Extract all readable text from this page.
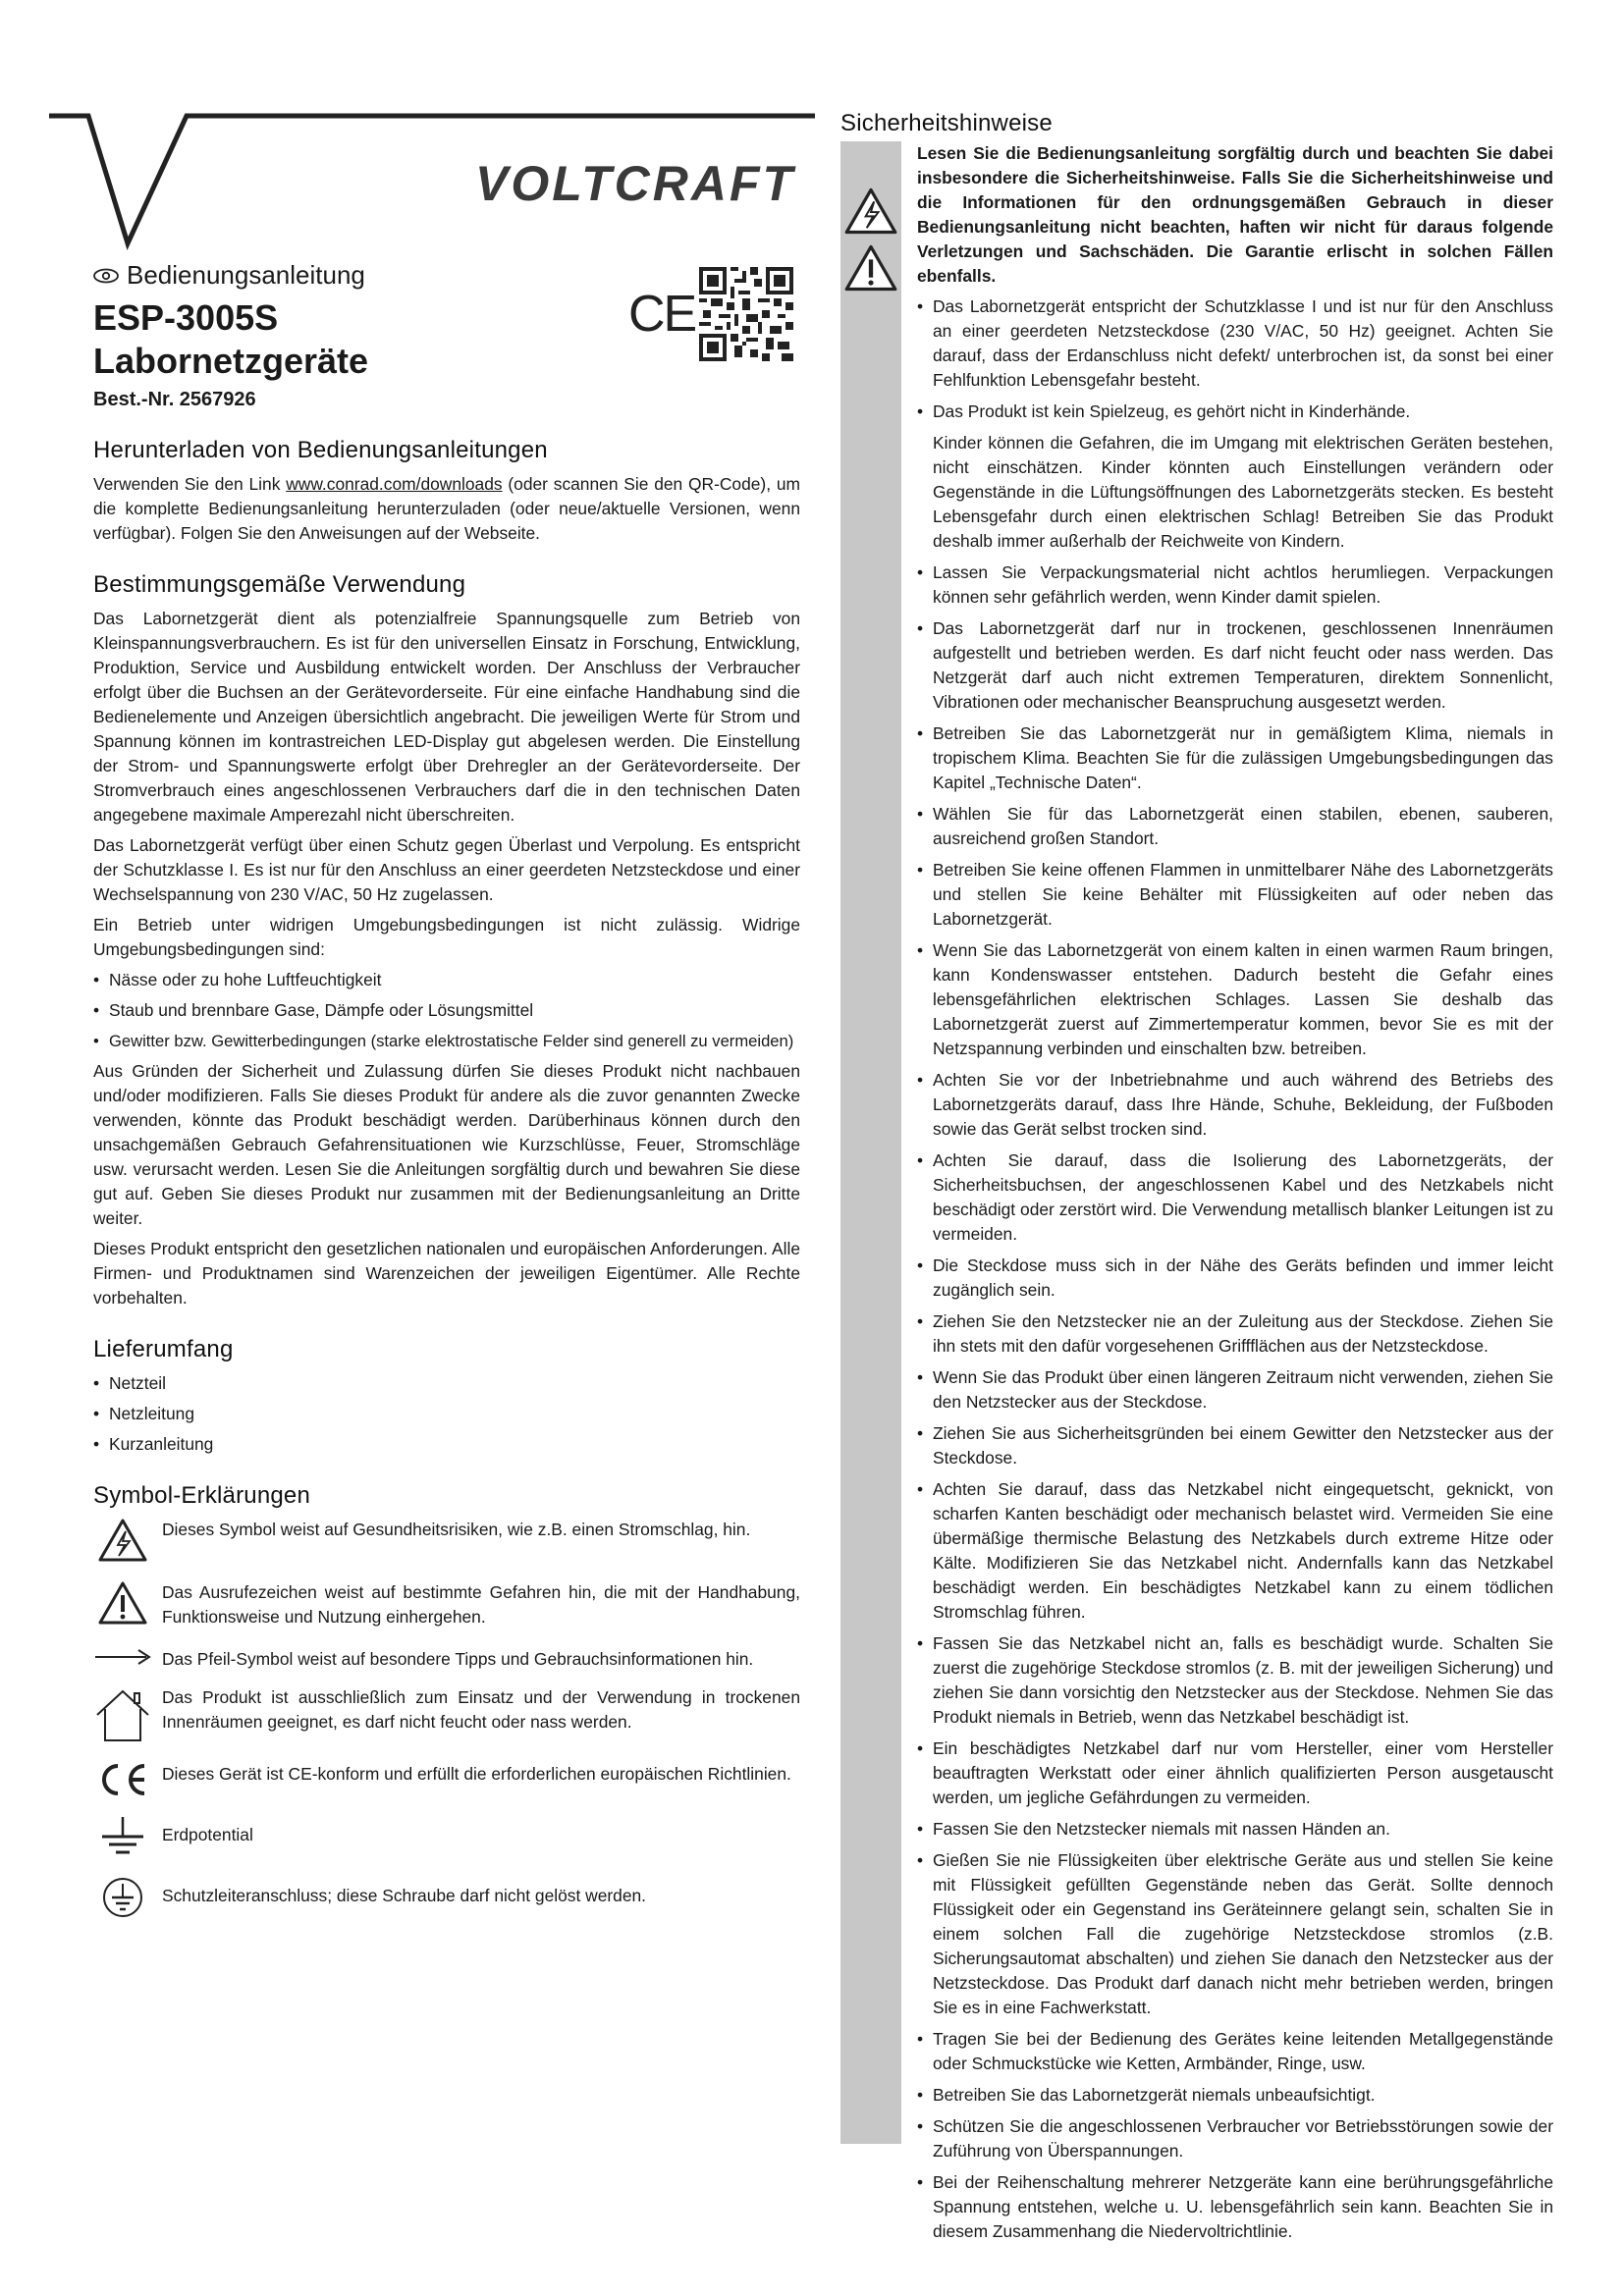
VOLTCRAFT
CE
Bedienungsanleitung
ESP-3005S
Labornetzgeräte
Best.-Nr. 2567926
Herunterladen von Bedienungsanleitungen

Verwenden Sie den Link www.conrad.com/downloads (oder scannen Sie den QR-Code), um die komplette Bedienungsanleitung herunterzuladen (oder neue/aktuelle Versionen, wenn verfügbar). Folgen Sie den Anweisungen auf der Webseite.

Bestimmungsgemäße Verwendung

Das Labornetzgerät dient als potenzialfreie Spannungsquelle zum Betrieb von Kleinspannungsverbrauchern. Es ist für den universellen Einsatz in Forschung, Entwicklung, Produktion, Service und Ausbildung entwickelt worden. Der Anschluss der Verbraucher erfolgt über die Buchsen an der Gerätevorderseite. Für eine einfache Handhabung sind die Bedienelemente und Anzeigen übersichtlich angebracht. Die jeweiligen Werte für Strom und Spannung können im kontrastreichen LED-Display gut abgelesen werden. Die Einstellung der Strom- und Spannungswerte erfolgt über Drehregler an der Gerätevorderseite. Der Stromverbrauch eines angeschlossenen Verbrauchers darf die in den technischen Daten angegebene maximale Amperezahl nicht überschreiten.

Das Labornetzgerät verfügt über einen Schutz gegen Überlast und Verpolung. Es entspricht der Schutzklasse I. Es ist nur für den Anschluss an einer geerdeten Netzsteckdose und einer Wechselspannung von 230 V/AC, 50 Hz zugelassen.

Ein Betrieb unter widrigen Umgebungsbedingungen ist nicht zulässig. Widrige Umgebungsbedingungen sind:

• Nässe oder zu hohe Luftfeuchtigkeit
• Staub und brennbare Gase, Dämpfe oder Lösungsmittel
• Gewitter bzw. Gewitterbedingungen (starke elektrostatische Felder sind generell zu vermeiden)

Aus Gründen der Sicherheit und Zulassung dürfen Sie dieses Produkt nicht nachbauen und/oder modifizieren. Falls Sie dieses Produkt für andere als die zuvor genannten Zwecke verwenden, könnte das Produkt beschädigt werden. Darüberhinaus können durch den unsachgemäßen Gebrauch Gefahrensituationen wie Kurzschlüsse, Feuer, Stromschläge usw. verursacht werden. Lesen Sie die Anleitungen sorgfältig durch und bewahren Sie diese gut auf. Geben Sie dieses Produkt nur zusammen mit der Bedienungsanleitung an Dritte weiter.

Dieses Produkt entspricht den gesetzlichen nationalen und europäischen Anforderungen. Alle Firmen- und Produktnamen sind Warenzeichen der jeweiligen Eigentümer. Alle Rechte vorbehalten.

Lieferumfang
• Netzteil
• Netzleitung
• Kurzanleitung
Symbol-Erklärungen

Dieses Symbol weist auf Gesundheitsrisiken, wie z.B. einen Stromschlag, hin.

Das Ausrufezeichen weist auf bestimmte Gefahren hin, die mit der Handhabung, Funktionsweise und Nutzung einhergehen.

Das Pfeil-Symbol weist auf besondere Tipps und Gebrauchsinformationen hin.

Das Produkt ist ausschließlich zum Einsatz und der Verwendung in trockenen Innenräumen geeignet, es darf nicht feucht oder nass werden.

Dieses Gerät ist CE-konform und erfüllt die erforderlichen europäischen Richtlinien.

Erdpotential

Schutzleiteranschluss; diese Schraube darf nicht gelöst werden.

Sicherheitshinweise

Lesen Sie die Bedienungsanleitung sorgfältig durch und beachten Sie dabei insbesondere die Sicherheitshinweise. Falls Sie die Sicherheitshinweise und die Informationen für den ordnungsgemäßen Gebrauch in dieser Bedienungsanleitung nicht beachten, haften wir nicht für daraus folgende Verletzungen und Sachschäden. Die Garantie erlischt in solchen Fällen ebenfalls.

• Das Labornetzgerät entspricht der Schutzklasse I und ist nur für den Anschluss an einer geerdeten Netzsteckdose (230 V/AC, 50 Hz) geeignet. Achten Sie darauf, dass der Erdanschluss nicht defekt/ unterbrochen ist, da sonst bei einer Fehlfunktion Lebensgefahr besteht.
• Das Produkt ist kein Spielzeug, es gehört nicht in Kinderhände.

Kinder können die Gefahren, die im Umgang mit elektrischen Geräten bestehen, nicht einschätzen. Kinder könnten auch Einstellungen verändern oder Gegenstände in die Lüftungsöffnungen des Labornetzgeräts stecken. Es besteht Lebensgefahr durch einen elektrischen Schlag! Betreiben Sie das Produkt deshalb immer außerhalb der Reichweite von Kindern.

• Lassen Sie Verpackungsmaterial nicht achtlos herumliegen. Verpackungen können sehr gefährlich werden, wenn Kinder damit spielen.
• Das Labornetzgerät darf nur in trockenen, geschlossenen Innenräumen aufgestellt und betrieben werden. Es darf nicht feucht oder nass werden. Das Netzgerät darf auch nicht extremen Temperaturen, direktem Sonnenlicht, Vibrationen oder mechanischer Beanspruchung ausgesetzt werden.
• Betreiben Sie das Labornetzgerät nur in gemäßigtem Klima, niemals in tropischem Klima. Beachten Sie für die zulässigen Umgebungsbedingungen das Kapitel „Technische Daten“.
• Wählen Sie für das Labornetzgerät einen stabilen, ebenen, sauberen, ausreichend großen Standort.
• Betreiben Sie keine offenen Flammen in unmittelbarer Nähe des Labornetzgeräts und stellen Sie keine Behälter mit Flüssigkeiten auf oder neben das Labornetzgerät.
• Wenn Sie das Labornetzgerät von einem kalten in einen warmen Raum bringen, kann Kondenswasser entstehen. Dadurch besteht die Gefahr eines lebensgefährlichen elektrischen Schlages. Lassen Sie deshalb das Labornetzgerät zuerst auf Zimmertemperatur kommen, bevor Sie es mit der Netzspannung verbinden und einschalten bzw. betreiben.
• Achten Sie vor der Inbetriebnahme und auch während des Betriebs des Labornetzgeräts darauf, dass Ihre Hände, Schuhe, Bekleidung, der Fußboden sowie das Gerät selbst trocken sind.
• Achten Sie darauf, dass die Isolierung des Labornetzgeräts, der Sicherheitsbuchsen, der angeschlossenen Kabel und des Netzkabels nicht beschädigt oder zerstört wird. Die Verwendung metallisch blanker Leitungen ist zu vermeiden.
• Die Steckdose muss sich in der Nähe des Geräts befinden und immer leicht zugänglich sein.
• Ziehen Sie den Netzstecker nie an der Zuleitung aus der Steckdose. Ziehen Sie ihn stets mit den dafür vorgesehenen Griffflächen aus der Netzsteckdose.
• Wenn Sie das Produkt über einen längeren Zeitraum nicht verwenden, ziehen Sie den Netzstecker aus der Steckdose.
• Ziehen Sie aus Sicherheitsgründen bei einem Gewitter den Netzstecker aus der Steckdose.
• Achten Sie darauf, dass das Netzkabel nicht eingequetscht, geknickt, von scharfen Kanten beschädigt oder mechanisch belastet wird. Vermeiden Sie eine übermäßige thermische Belastung des Netzkabels durch extreme Hitze oder Kälte. Modifizieren Sie das Netzkabel nicht. Andernfalls kann das Netzkabel beschädigt werden. Ein beschädigtes Netzkabel kann zu einem tödlichen Stromschlag führen.
• Fassen Sie das Netzkabel nicht an, falls es beschädigt wurde. Schalten Sie zuerst die zugehörige Steckdose stromlos (z. B. mit der jeweiligen Sicherung) und ziehen Sie dann vorsichtig den Netzstecker aus der Steckdose. Nehmen Sie das Produkt niemals in Betrieb, wenn das Netzkabel beschädigt ist.
• Ein beschädigtes Netzkabel darf nur vom Hersteller, einer vom Hersteller beauftragten Werkstatt oder einer ähnlich qualifizierten Person ausgetauscht werden, um jegliche Gefährdungen zu vermeiden.
• Fassen Sie den Netzstecker niemals mit nassen Händen an.
• Gießen Sie nie Flüssigkeiten über elektrische Geräte aus und stellen Sie keine mit Flüssigkeit gefüllten Gegenstände neben das Gerät. Sollte dennoch Flüssigkeit oder ein Gegenstand ins Geräteinnere gelangt sein, schalten Sie in einem solchen Fall die zugehörige Netzsteckdose stromlos (z.B. Sicherungsautomat abschalten) und ziehen Sie danach den Netzstecker aus der Netzsteckdose. Das Produkt darf danach nicht mehr betrieben werden, bringen Sie es in eine Fachwerkstatt.
• Tragen Sie bei der Bedienung des Gerätes keine leitenden Metallgegenstände oder Schmuckstücke wie Ketten, Armbänder, Ringe, usw.
• Betreiben Sie das Labornetzgerät niemals unbeaufsichtigt.
• Schützen Sie die angeschlossenen Verbraucher vor Betriebsstörungen sowie der Zuführung von Überspannungen.
• Bei der Reihenschaltung mehrerer Netzgeräte kann eine berührungsgefährliche Spannung entstehen, welche u. U. lebensgefährlich sein kann. Beachten Sie in diesem Zusammenhang die Niedervoltrichtlinie.
